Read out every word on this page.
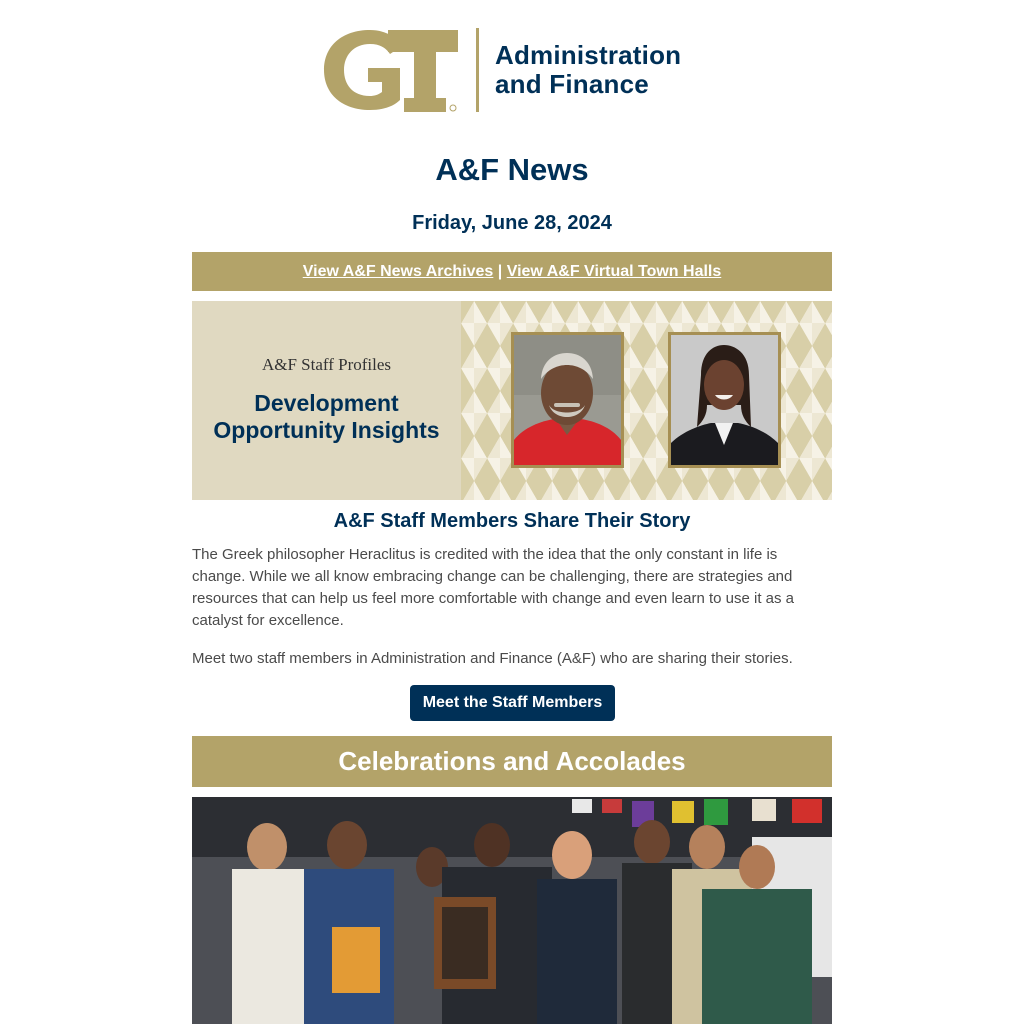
Administration
and Finance
A&F News
Friday, June 28, 2024
View A&F News Archives | View A&F Virtual Town Halls
A&F Staff Profiles
Development
Opportunity Insights
A&F Staff Members Share Their Story
The Greek philosopher Heraclitus is credited with the idea that the only constant in life is change. While we all know embracing change can be challenging, there are strategies and resources that can help us feel more comfortable with change and even learn to use it as a catalyst for excellence.
Meet two staff members in Administration and Finance (A&F) who are sharing their stories.
Meet the Staff Members
Celebrations and Accolades
